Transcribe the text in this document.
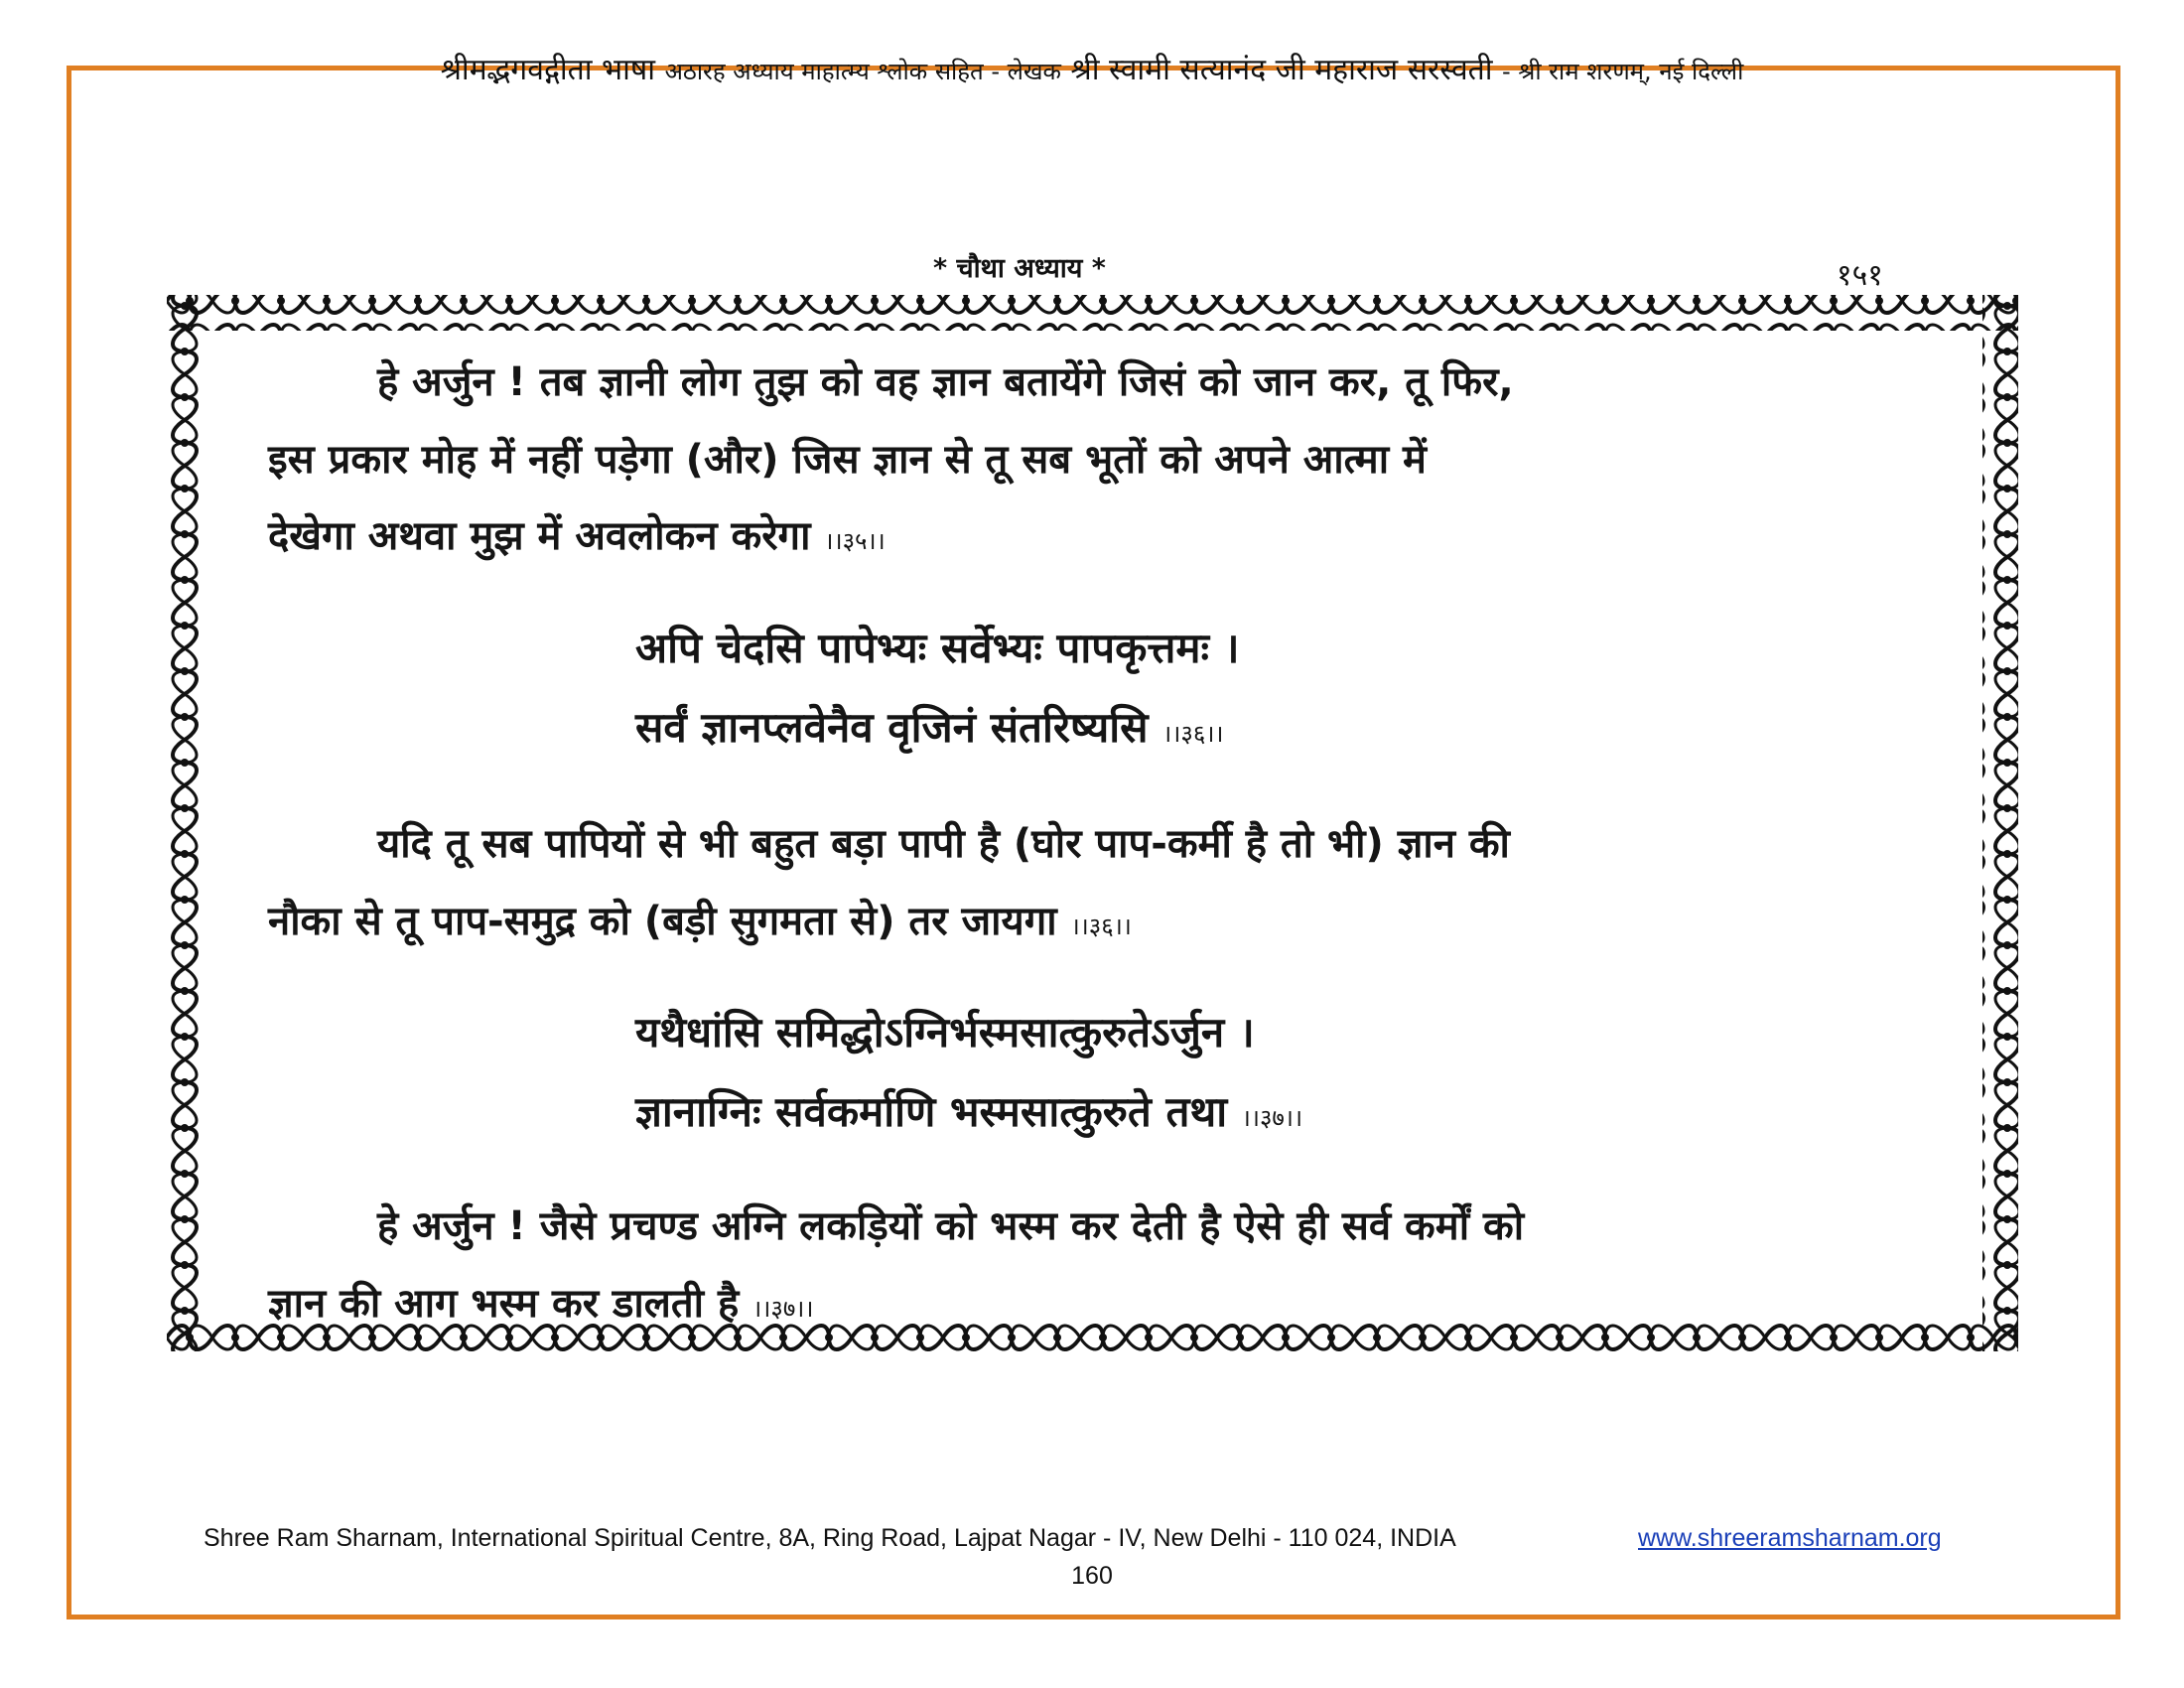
श्रीमद्भगवद्गीता भाषा अठारह अध्याय माहात्म्य श्लोक सहित - लेखक श्री स्वामी सत्यानंद जी महाराज सरस्वती - श्री राम शरणम्, नई दिल्ली
* चौथा अध्याय *	१५१
हे अर्जुन ! तब ज्ञानी लोग तुझ को वह ज्ञान बतायेंगे जिसं को जान कर, तू फिर,
इस प्रकार मोह में नहीं पड़ेगा (और) जिस ज्ञान से तू सब भूतों को अपने आत्मा में
देखेगा अथवा मुझ में अवलोकन करेगा ।।३५।।
अपि चेदसि पापेभ्यः सर्वेभ्यः पापकृत्तमः ।
सर्वं ज्ञानप्लवेनैव वृजिनं संतरिष्यसि ।।३६।।
यदि तू सब पापियों से भी बहुत बड़ा पापी है (घोर पाप-कर्मी है तो भी) ज्ञान की
नौका से तू पाप-समुद्र को (बड़ी सुगमता से) तर जायगा ।।३६।।
यथैधांसि समिद्धोऽग्निर्भस्मसात्कुरुतेऽर्जुन ।
ज्ञानाग्निः सर्वकर्माणि भस्मसात्कुरुते तथा ।।३७।।
हे अर्जुन ! जैसे प्रचण्ड अग्नि लकड़ियों को भस्म कर देती है ऐसे ही सर्व कर्मों को
ज्ञान की आग भस्म कर डालती है ।।३७।।
Shree Ram Sharnam, International Spiritual Centre, 8A, Ring Road, Lajpat Nagar - IV, New Delhi - 110 024, INDIA	www.shreeramsharnam.org
160
